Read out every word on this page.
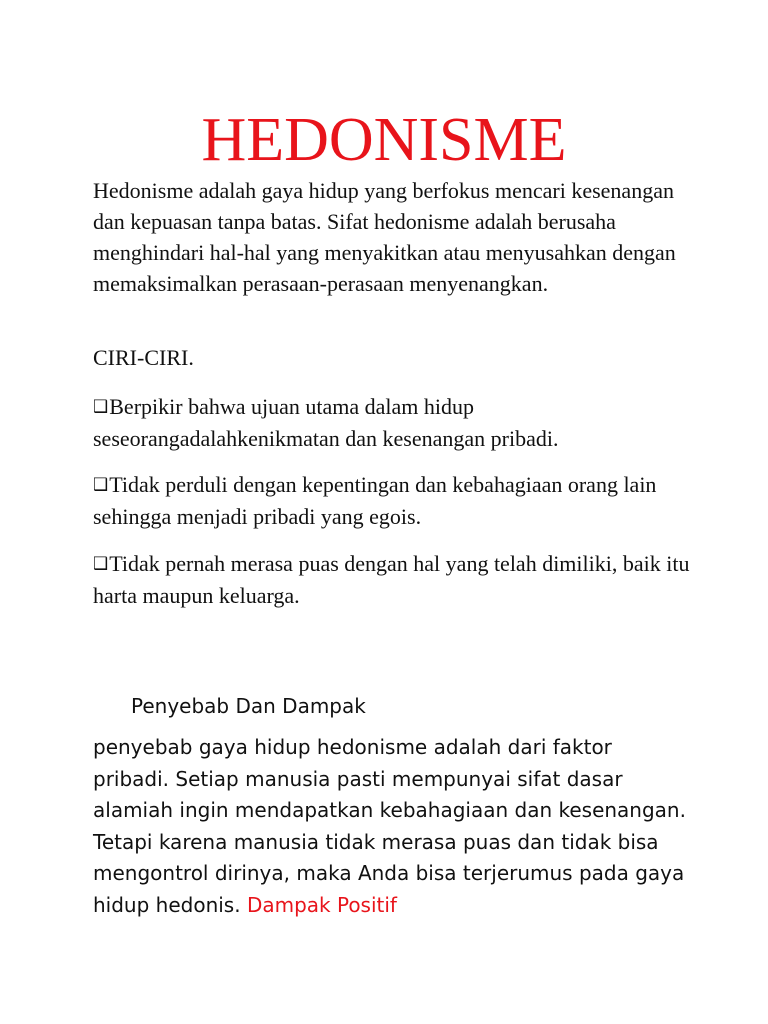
HEDONISME

Hedonisme adalah gaya hidup yang berfokus mencari kesenangan dan kepuasan tanpa batas. Sifat hedonisme adalah berusaha menghindari hal-hal yang menyakitkan atau menyusahkan dengan memaksimalkan perasaan-perasaan menyenangkan.

CIRI-CIRI.

❑Berpikir bahwa ujuan utama dalam hidup seseorangadalahkenikmatan dan kesenangan pribadi.

❑Tidak perduli dengan kepentingan dan kebahagiaan orang lain sehingga menjadi pribadi yang egois.

❑Tidak pernah merasa puas dengan hal yang telah dimiliki, baik itu harta maupun keluarga.

Penyebab Dan Dampak

penyebab gaya hidup hedonisme adalah dari faktor pribadi. Setiap manusia pasti mempunyai sifat dasar alamiah ingin mendapatkan kebahagiaan dan kesenangan. Tetapi karena manusia tidak merasa puas dan tidak bisa mengontrol dirinya, maka Anda bisa terjerumus pada gaya hidup hedonis. Dampak Positif
